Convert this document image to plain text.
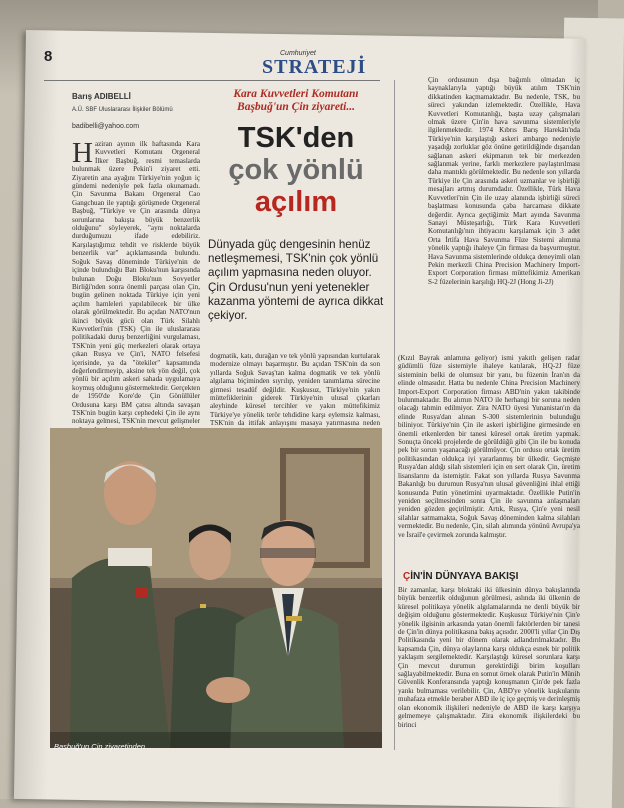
8	Cumhuriyet
STRATEJİ
Barış ADIBELLİ
A.Ü. SBF Uluslararası İlişkiler Bölümü
badibelli@yahoo.com
Kara Kuvvetleri Komutanı Başbuğ'un Çin ziyareti...
TSK'den
çok yönlü
açılım
Dünyada güç dengesinin henüz netleşmemesi, TSK'nin çok yönlü açılım yapmasına neden oluyor. Çin Ordusu'nun yeni yetenekler kazanma yöntemi de ayrıca dikkat çekiyor.
Haziran ayının ilk haftasında Kara Kuvvetleri Komutanı Orgeneral İlker Başbuğ, resmi temaslarda bulunmak üzere Pekin'i ziyaret etti. Ziyaretin ana ayağını Türkiye'nin yoğun iç gündemi nedeniyle pek fazla okunamadı. Çin Savunma Bakanı Orgeneral Cao Gangchuan ile yaptığı görüşmede Orgeneral Başbuğ, "Türkiye ve Çin arasında dünya sorunlarına bakışta büyük benzerlik olduğunu" söyleyerek, "aynı noktalarda durduğumuzu ifade edebiliriz. Karşılaştığımız tehdit ve risklerde büyük benzerlik var" açıklamasında bulundu. Soğuk Savaş döneminde Türkiye'nin de içinde bulunduğu Batı Bloku'nun karşısında bulunan Doğu Bloku'nun Sovyetler Birliği'nden sonra önemli parçası olan Çin, bugün gelinen noktada Türkiye için yeni açılım hamleleri yapılabilecek bir ülke olarak görülmektedir. Bu açıdan NATO'nun ikinci büyük gücü olan Türk Silahlı Kuvvetleri'nin (TSK) Çin ile uluslararası politikadaki duruş benzerliğini vurgulaması, TSK'nin yeni güç merkezleri olarak ortaya çıkan Rusya ve Çin'i, NATO felsefesi içerisinde, ya da "ötekiler" kapsamında değerlendirmeyip, aksine tek yön değil, çok yönlü bir açılım askeri sahada uygulamaya koymuş olduğunu göstermektedir. Gerçekten de 1950'de Kore'de Çin Gönüllüler Ordusuna karşı BM çatısı altında savaşan TSK'nin bugün karşı cephedeki Çin ile aynı noktaya gelmesi, TSK'nin mevcut gelişmeler
dogmatik, katı, durağan ve tek yönlü yapısından kurtularak modernize olmayı başarmıştır. Bu açıdan TSK'nin da son yıllarda Soğuk Savaş'tan kalma dogmatik ve tek yönlü algılama biçiminden sıyrılıp, yeniden tanımlama sürecine girmesi tesadüf değildir. Kuşkusuz, Türkiye'nin yakın müttefiklerinin giderek Türkiye'nin ulusal çıkarları aleyhinde küresel tercihler ve yakın müttefikimiz Türkiye'ye yönelik terör tehdidine karşı eylemsiz kalması, TSK'nin da ittifak anlayışını masaya yatırmasına neden
Çin ordusunun dışa bağımlı olmadan iç kaynaklarıyla yaptığı büyük atılım TSK'nin dikkatinden kaçmamaktadır. Bu nedenle, TSK, bu süreci yakından izlemektedir. Özellikle, Hava Kuvvetleri Komutanlığı, başta uzay çalışmaları olmak üzere Çin'in hava savunma sistemleriyle ilgilenmektedir. 1974 Kıbrıs Barış Harekâtı'nda Türkiye'nin karşılaştığı askeri ambargo nedeniyle yaşadığı zorluklar göz önüne getirildiğinde dışarıdan sağlanan askeri ekipmanın tek bir merkezden sağlanmak yerine, farklı merkezlere paylaştırılması daha mantıklı görülmektedir. Bu nedenle son yıllarda Türkiye ile Çin arasında askeri uzmanlar ve işbirliği mesajları artmış durumdadır. Özellikle, Türk Hava Kuvvetleri'nin Çin ile uzay alanında işbirliği süreci başlatması konusunda çaba harcaması dikkate değerdir. Ayrıca geçtiğimiz Mart ayında Savunma Sanayi Müsteşarlığı, Türk Kara Kuvvetleri Komutanlığı'nın ihtiyacını karşılamak için 3 adet Orta İrtifa Hava Savunma Füze Sistemi alımına yönelik yaptığı ihaleye Çin firması da başvurmuştur. Hava Savunma sistemlerinde oldukça deneyimli olan Pekin merkezli China Precision Machinery Import-Export Corporation firması müttefikimiz Amerikan S-2 füzelerinin karşılığı HQ-2J (Hong Ji-2J)
(Kızıl Bayrak anlamına geliyor) ismi yakıtlı gelişen radar güdümlü füze sistemiyle ihaleye katılarak, HQ-2J füze sisteminin belki de olumsuz bir yanı, bu füzenin İran'ın da elinde olmasıdır. Hatta bu nedenle China Precision Machinery Import-Export Corporation firması ABD'nin yakın takibinde bulunmaktadır. Bu alımın NATO ile herhangi bir soruna neden olacağı tahmin edilmiyor. Zira NATO üyesi Yunanistan'ın da elinde Rusya'dan alınan S-300 sistemlerinin bulunduğu biliniyor. Türkiye'nin Çin ile askeri işbirliğine girmesinde en önemli etkenlerden bir tanesi küresel ortak üretim yapmak. Sonuçta önceki projelerde de görüldüğü gibi Çin ile bu konuda pek bir sorun yaşanacağı görülmüyor. Çin ordusu ortak üretim politikasından oldukça iyi yararlanmış bir ülkedir. Geçmişte Rusya'dan aldığı silah sistemleri için en sert olarak Çin, üretim lisanslarını da istemiştir. Fakat son yıllarda Rusya Savunma Bakanlığı bu durumun Rusya'nın ulusal güvenliğini ihlal ettiği konusunda Putin yönetimini uyarmaktadır. Özellikle Putin'in yeniden seçilmesinden sonra Çin ile savunma anlaşmaları yeniden gözden geçirilmiştir. Artık, Rusya, Çin'e yeni nesil silahlar satmamakta, Soğuk Savaş döneminden kalma silahları vermektedir. Bu nedenle, Çin, silah alımında yönünü Avrupa'ya ve İsrail'e çevirmek zorunda kalmıştır.
ÇİN'İN DÜNYAYA BAKIŞI
Bir zamanlar, karşı bloktaki iki ülkesinin dünya bakışlarında büyük benzerlik olduğunun görülmesi, aslında iki ülkenin de küresel politikaya yönelik algılamalarında ne denli büyük bir değişim olduğunu göstermektedir. Kuşkusuz Türkiye'nin Çin'e yönelik ilgisinin arkasında yatan önemli faktörlerden bir tanesi de Çin'in dünya politikasına bakış açısıdır. 2000'li yıllar Çin Dış Politikasında yeni bir dönem olarak adlandırılmaktadır. Bu kapsamda Çin, dünya olaylarına karşı oldukça esnek bir politik yaklaşım sergilemektedir. Karşılaştığı küresel sorunlara karşı Çin mevcut durumun gerektirdiği birim koşulları sağlayabilmektedir. Buna en somut örnek olarak Putin'in Münih Güvenlik Konferansında yaptığı konuşmanın Çin'de pek fazla yankı bulmaması verilebilir. Çin, ABD'ye yönelik kuşkularını muhafaza etmekle beraber ABD ile iç içe geçmiş ve derinleşmiş olan ekonomik ilişkileri nedeniyle de ABD ile karşı karşıya gelmemeye çalışmaktadır. Zira ekonomik ilişkilerdeki bu birinci
Başbuğ'un Çin ziyaretinden...
